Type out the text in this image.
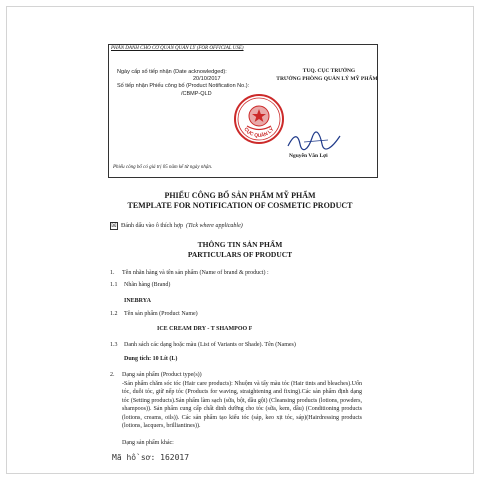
PHẦN DÀNH CHO CƠ QUAN QUẢN LÝ (FOR OFFICIAL USE)
Ngày cấp số tiếp nhận (Date acknowledged):
20/10/2017
Số tiếp nhận Phiếu công bố (Product Notification No.):
/CBMP-QLD
TUQ. CỤC TRƯỞNG
TRƯỞNG PHÒNG QUẢN LÝ MỸ PHẨM
CỤC QUẢN LÝ
Nguyễn Văn Lợi
Phiếu công bố có giá trị 05 năm kể từ ngày nhận.
PHIẾU CÔNG BỐ SẢN PHẨM MỸ PHẨM
TEMPLATE FOR NOTIFICATION OF COSMETIC PRODUCT
☒ Đánh dấu vào ô thích hợp (Tick where applicable)
THÔNG TIN SẢN PHẨM
PARTICULARS OF PRODUCT
1. Tên nhãn hàng và tên sản phẩm (Name of brand & product) :
1.1 Nhãn hàng (Brand)
INEBRYA
1.2 Tên sản phẩm (Product Name)
ICE CREAM DRY - T SHAMPOO F
1.3 Danh sách các dạng hoặc màu (List of Variants or Shade). Tên (Names)
Dung tích: 10 Lít (L)
2. Dạng sản phẩm (Product type(s))
-Sản phẩm chăm sóc tóc (Hair care products): Nhuộm và tẩy màu tóc (Hair tints and bleaches).Uốn tóc, duỗi tóc, giữ nếp tóc (Products for waving, straightening and fixing).Các sản phẩm định dạng tóc (Setting products).Sản phẩm làm sạch (sữa, bột, dầu gội) (Cleansing products (lotions, powders, shampoos)). Sản phẩm cung cấp chất dinh dưỡng cho tóc (sữa, kem, dầu) (Conditioning products (lotions, creams, oils)). Các sản phẩm tạo kiểu tóc (sáp, keo xịt tóc, sáp)(Hairdressing products (lotions, lacquers, brilliantines)).
Dạng sản phẩm khác:
Mã hồ sơ: 162017
